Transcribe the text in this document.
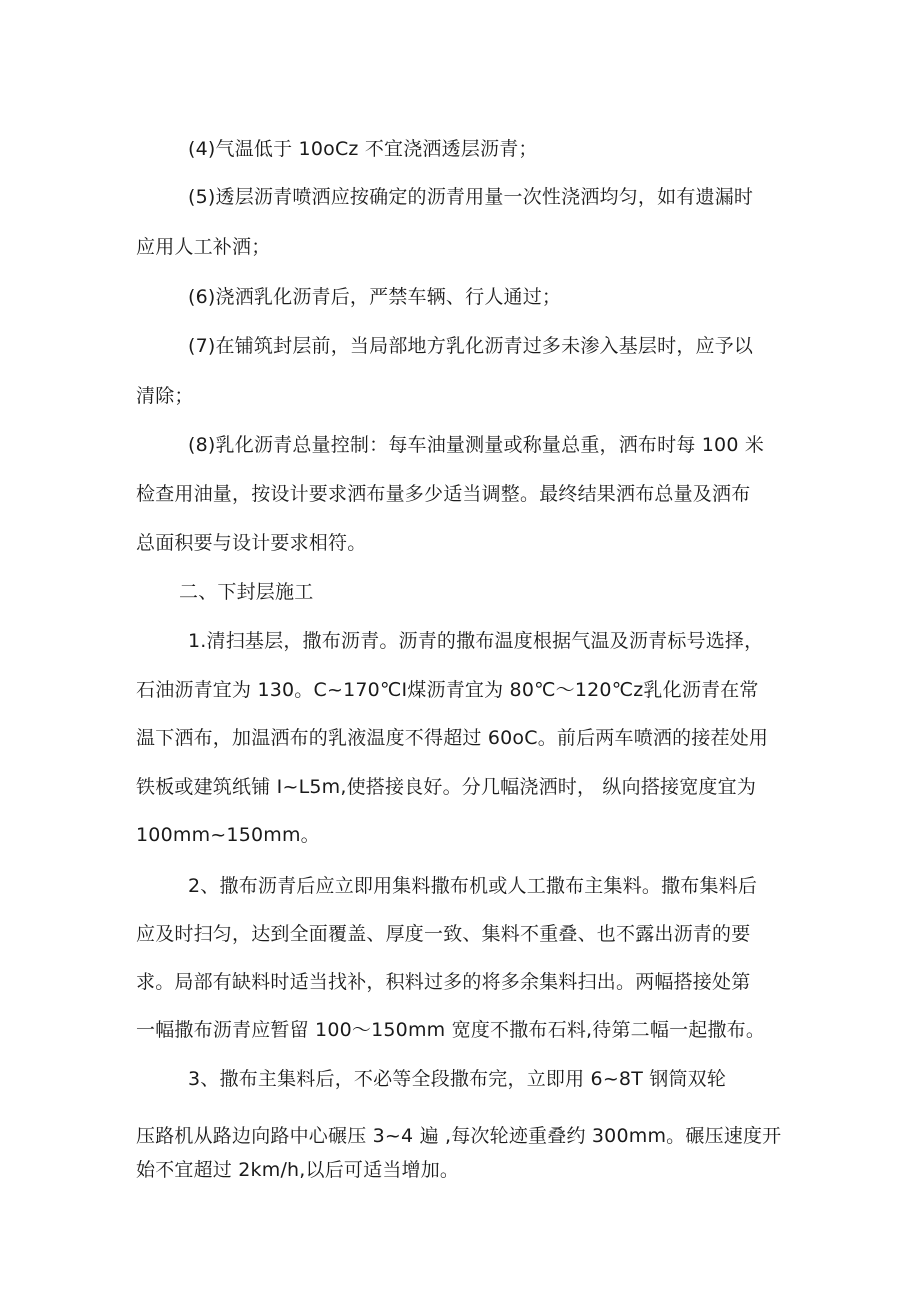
(4)气温低于 10oCz 不宜浇洒透层沥青；
(5)透层沥青喷洒应按确定的沥青用量一次性浇洒均匀，如有遗漏时
应用人工补洒；
(6)浇洒乳化沥青后，严禁车辆、行人通过；
(7)在铺筑封层前，当局部地方乳化沥青过多未渗入基层时，应予以
清除；
(8)乳化沥青总量控制：每车油量测量或称量总重，洒布时每 100 米
检查用油量，按设计要求洒布量多少适当调整。最终结果洒布总量及洒布
总面积要与设计要求相符。
二、下封层施工
1.清扫基层，撒布沥青。沥青的撒布温度根据气温及沥青标号选择，
石油沥青宜为 130。C~170℃I煤沥青宜为 80℃～120℃z乳化沥青在常
温下洒布，加温洒布的乳液温度不得超过 60oC。前后两车喷洒的接茬处用
铁板或建筑纸铺 I~L5m,使搭接良好。分几幅浇洒时， 纵向搭接宽度宜为
100mm~150mm。
2、撒布沥青后应立即用集料撒布机或人工撒布主集料。撒布集料后
应及时扫匀，达到全面覆盖、厚度一致、集料不重叠、也不露出沥青的要
求。局部有缺料时适当找补，积料过多的将多余集料扫出。两幅搭接处第
一幅撒布沥青应暂留 100～150mm 宽度不撒布石料,待第二幅一起撒布。
3、撒布主集料后，不必等全段撒布完，立即用 6~8T 钢筒双轮
压路机从路边向路中心碾压 3~4 遍 ,每次轮迹重叠约 300mm。碾压速度开
始不宜超过 2km∕h,以后可适当增加。
